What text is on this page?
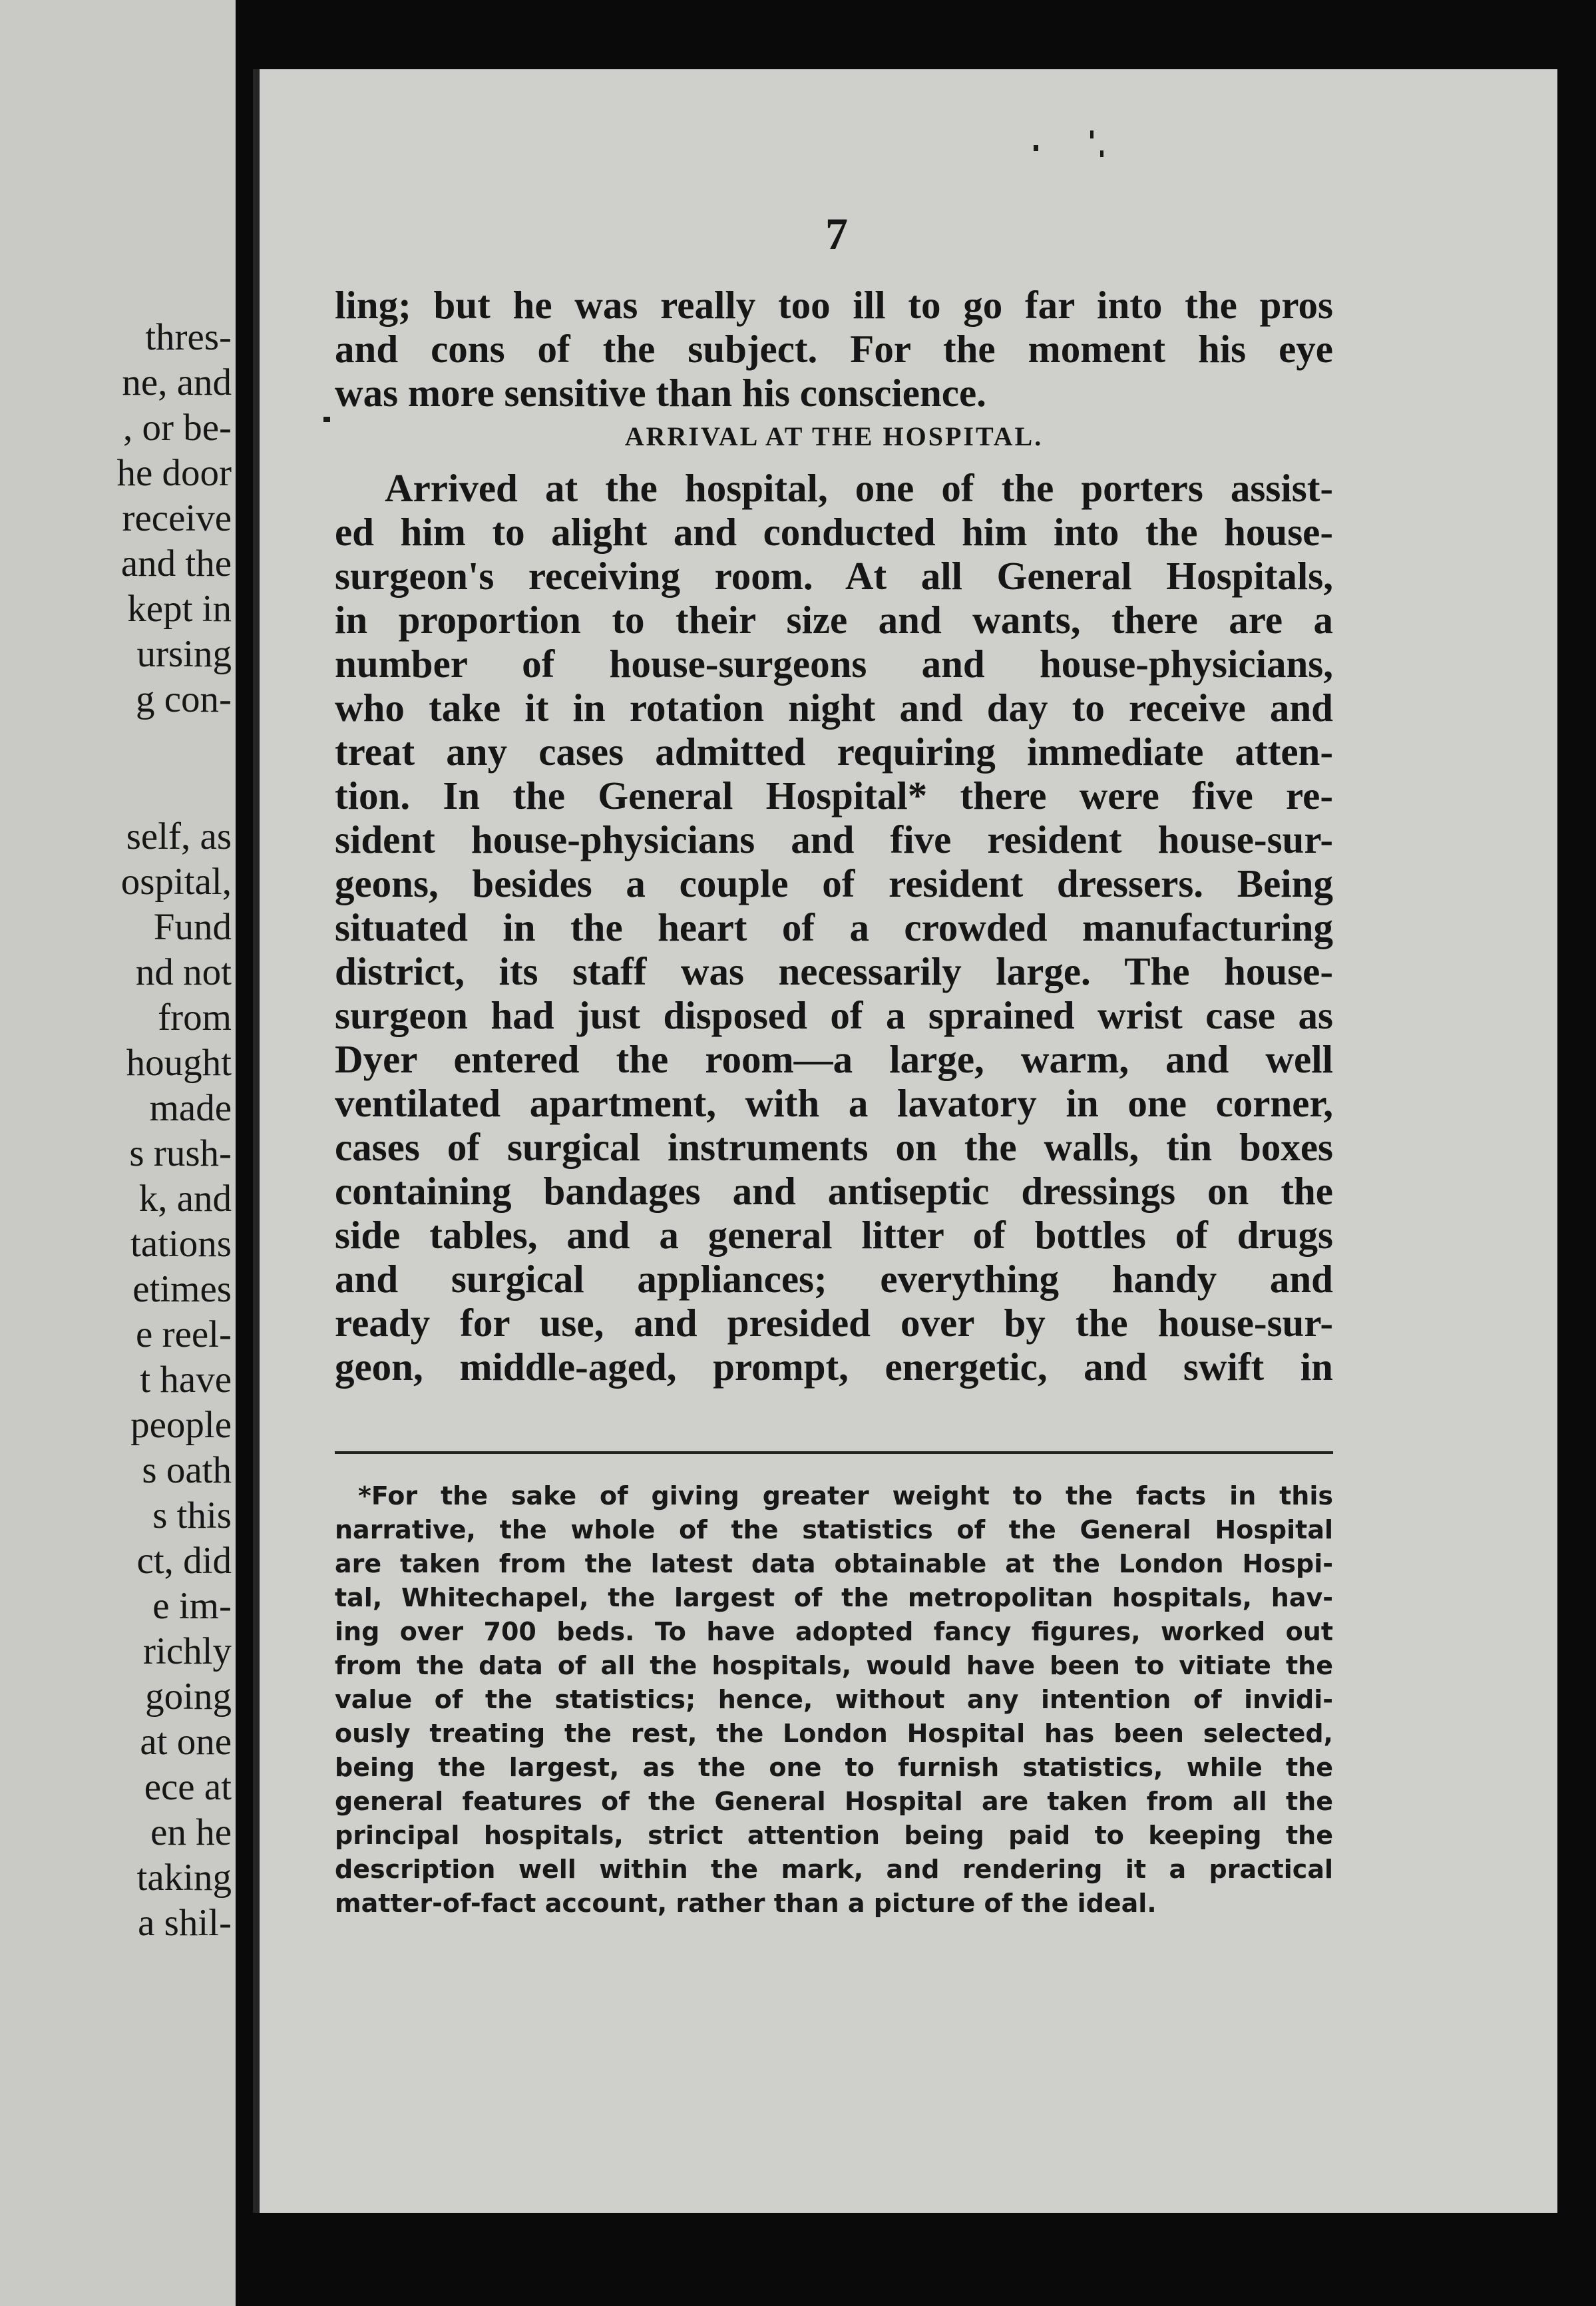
thres-
ne, and
, or be-
he door
receive
and the
kept in
ursing
g con-
self, as
ospital,
Fund
nd not
from
hought
made
s rush-
k, and
tations
etimes
e reel-
t have
people
s oath
s this
ct, did
e im-
richly
going
at one
ece at
en he
taking
a shil-
7
ling; but he was really too ill to go far into the pros
and cons of the subject. For the moment his eye
was more sensitive than his conscience.
ARRIVAL AT THE HOSPITAL.
Arrived at the hospital, one of the porters assist-
ed him to alight and conducted him into the house-
surgeon's receiving room. At all General Hospitals,
in proportion to their size and wants, there are a
number of house-surgeons and house-physicians,
who take it in rotation night and day to receive and
treat any cases admitted requiring immediate atten-
tion. In the General Hospital* there were five re-
sident house-physicians and five resident house-sur-
geons, besides a couple of resident dressers. Being
situated in the heart of a crowded manufacturing
district, its staff was necessarily large. The house-
surgeon had just disposed of a sprained wrist case as
Dyer entered the room—a large, warm, and well
ventilated apartment, with a lavatory in one corner,
cases of surgical instruments on the walls, tin boxes
containing bandages and antiseptic dressings on the
side tables, and a general litter of bottles of drugs
and surgical appliances; everything handy and
ready for use, and presided over by the house-sur-
geon, middle-aged, prompt, energetic, and swift in
*For the sake of giving greater weight to the facts in this
narrative, the whole of the statistics of the General Hospital
are taken from the latest data obtainable at the London Hospi-
tal, Whitechapel, the largest of the metropolitan hospitals, hav-
ing over 700 beds. To have adopted fancy figures, worked out
from the data of all the hospitals, would have been to vitiate the
value of the statistics; hence, without any intention of invidi-
ously treating the rest, the London Hospital has been selected,
being the largest, as the one to furnish statistics, while the
general features of the General Hospital are taken from all the
principal hospitals, strict attention being paid to keeping the
description well within the mark, and rendering it a practical
matter-of-fact account, rather than a picture of the ideal.
